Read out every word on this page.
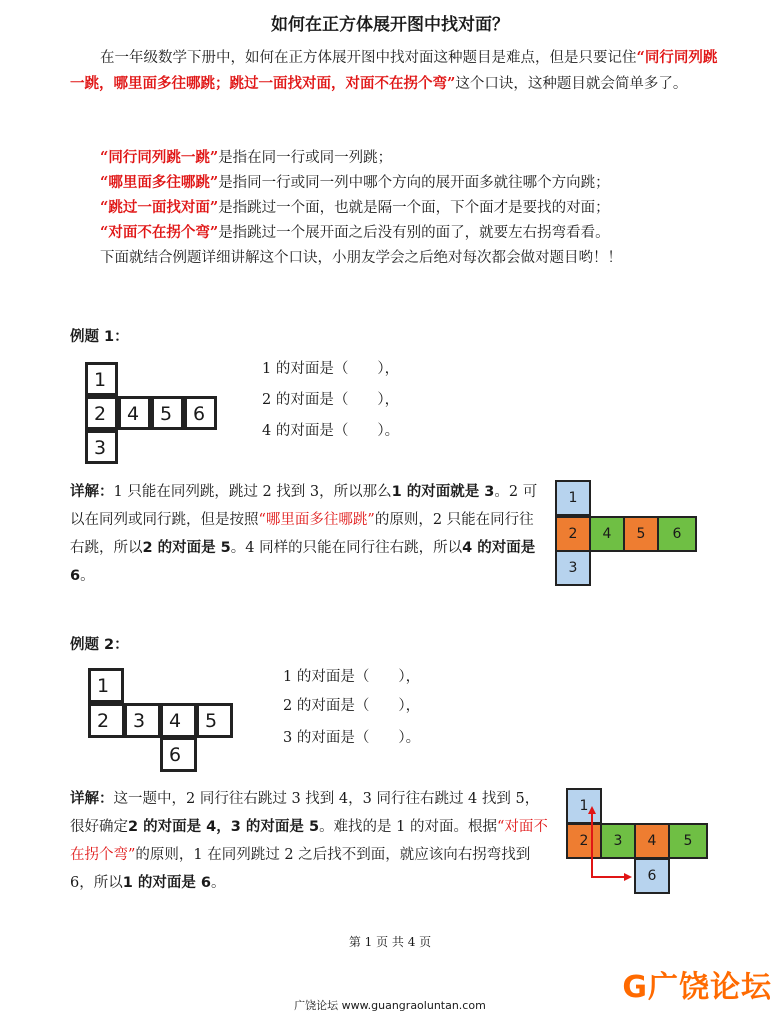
如何在正方体展开图中找对面？
在一年级数学下册中，如何在正方体展开图中找对面这种题目是难点，但是只要记住“同行同列跳一跳，哪里面多往哪跳；跳过一面找对面，对面不在拐个弯”这个口诀，这种题目就会简单多了。
“同行同列跳一跳”是指在同一行或同一列跳；
“哪里面多往哪跳”是指同一行或同一列中哪个方向的展开面多就往哪个方向跳；
“跳过一面找对面”是指跳过一个面，也就是隔一个面，下个面才是要找的对面；
“对面不在拐个弯”是指跳过一个展开面之后没有别的面了，就要左右拐弯看看。
下面就结合例题详细讲解这个口诀，小朋友学会之后绝对每次都会做对题目哟！！
例题 1：
1
2	4	5	6
3
1 的对面是（　　），
2 的对面是（　　），
4 的对面是（　　）。
详解：1 只能在同列跳，跳过 2 找到 3，所以那么1 的对面就是 3。2 可以在同列或同行跳，但是按照“哪里面多往哪跳”的原则，2 只能在同行往右跳，所以2 的对面是 5。4 同样的只能在同行往右跳，所以4 的对面是 6。
1
2	4	5	6
3
例题 2：
1
2	3	4	5
6
1 的对面是（　　），
2 的对面是（　　），
3 的对面是（　　）。
详解：这一题中，2 同行往右跳过 3 找到 4，3 同行往右跳过 4 找到 5，很好确定2 的对面是 4，3 的对面是 5。难找的是 1 的对面。根据“对面不在拐个弯”的原则，1 在同列跳过 2 之后找不到面，就应该向右拐弯找到 6，所以1 的对面是 6。
1
2	3	4	5
6
第 1 页 共 4 页
G广饶论坛
广饶论坛 www.guangraoluntan.com
